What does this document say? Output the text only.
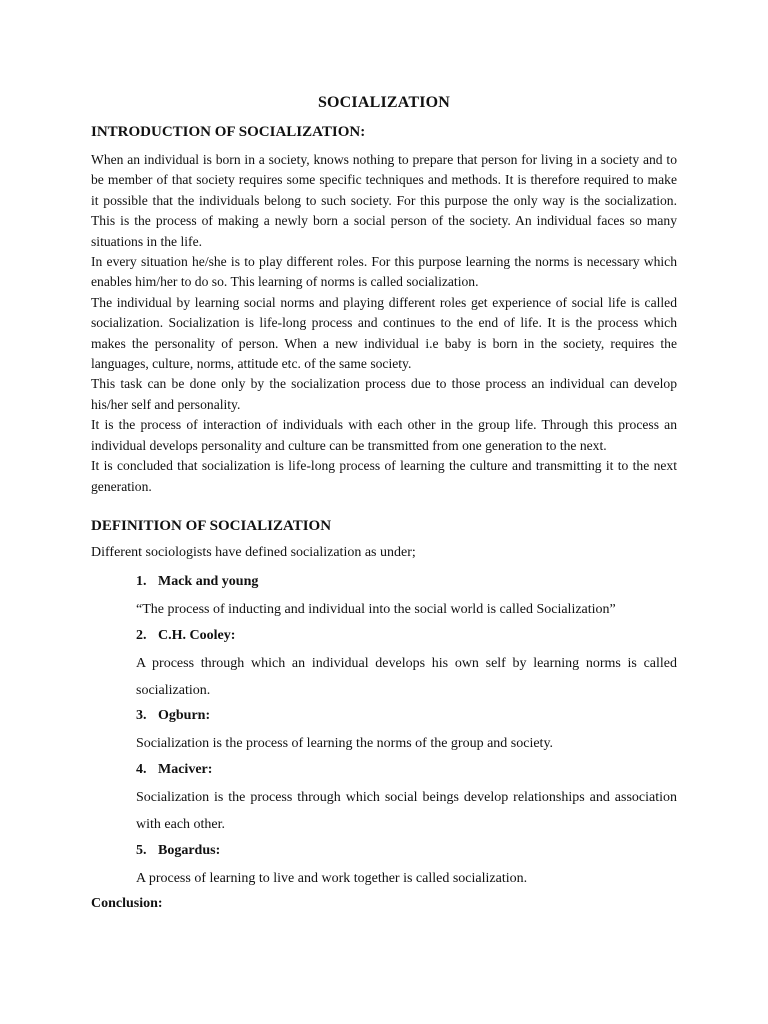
SOCIALIZATION
INTRODUCTION OF SOCIALIZATION:

When an individual is born in a society, knows nothing to prepare that person for living in a society and to be member of that society requires some specific techniques and methods. It is therefore required to make it possible that the individuals belong to such society. For this purpose the only way is the socialization. This is the process of making a newly born a social person of the society. An individual faces so many situations in the life.

In every situation he/she is to play different roles. For this purpose learning the norms is necessary which enables him/her to do so. This learning of norms is called socialization.

The individual by learning social norms and playing different roles get experience of social life is called socialization. Socialization is life-long process and continues to the end of life. It is the process which makes the personality of person. When a new individual i.e baby is born in the society, requires the languages, culture, norms, attitude etc. of the same society.

This task can be done only by the socialization process due to those process an individual can develop his/her self and personality.

It is the process of interaction of individuals with each other in the group life. Through this process an individual develops personality and culture can be transmitted from one generation to the next.

It is concluded that socialization is life-long process of learning the culture and transmitting it to the next generation.

DEFINITION OF SOCIALIZATION
Different sociologists have defined socialization as under;
1. Mack and young
“The process of inducting and individual into the social world is called Socialization”
2. C.H. Cooley:
A process through which an individual develops his own self by learning norms is called socialization.
3. Ogburn:
Socialization is the process of learning the norms of the group and society.
4. Maciver:
Socialization is the process through which social beings develop relationships and association with each other.
5. Bogardus:
A process of learning to live and work together is called socialization.
Conclusion:
